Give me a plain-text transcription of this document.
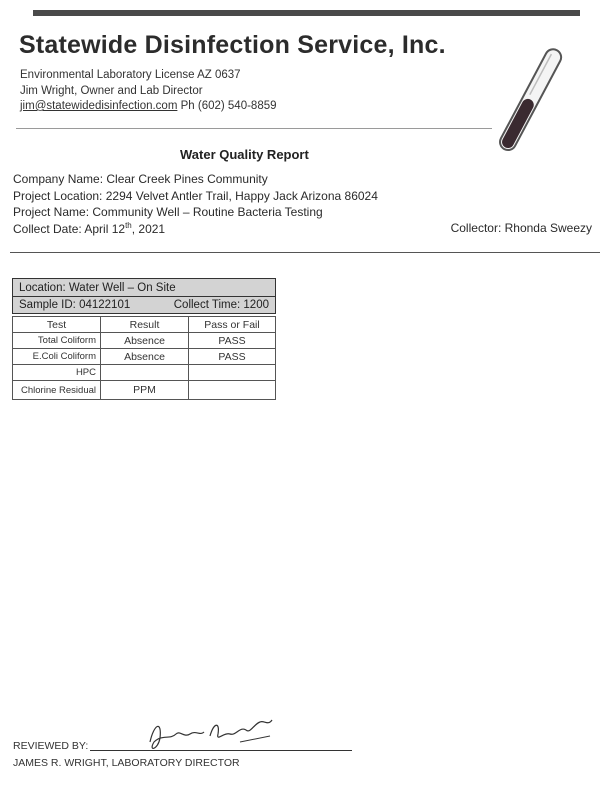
Statewide Disinfection Service, Inc.
Environmental Laboratory License AZ 0637
Jim Wright, Owner and Lab Director
jim@statewidedisinfection.com Ph (602) 540-8859
Water Quality Report
Company Name: Clear Creek Pines Community
Project Location: 2294 Velvet Antler Trail, Happy Jack Arizona 86024
Project Name: Community Well – Routine Bacteria Testing
Collect Date: April 12th, 2021	Collector: Rhonda Sweezy
Location: Water Well – On Site
Sample ID: 04122101	Collect Time: 1200
Test	Result	Pass or Fail
Total Coliform	Absence	PASS
E.Coli Coliform	Absence	PASS
HPC		
Chlorine Residual	PPM	
REVIEWED BY:
JAMES R. WRIGHT, LABORATORY DIRECTOR
